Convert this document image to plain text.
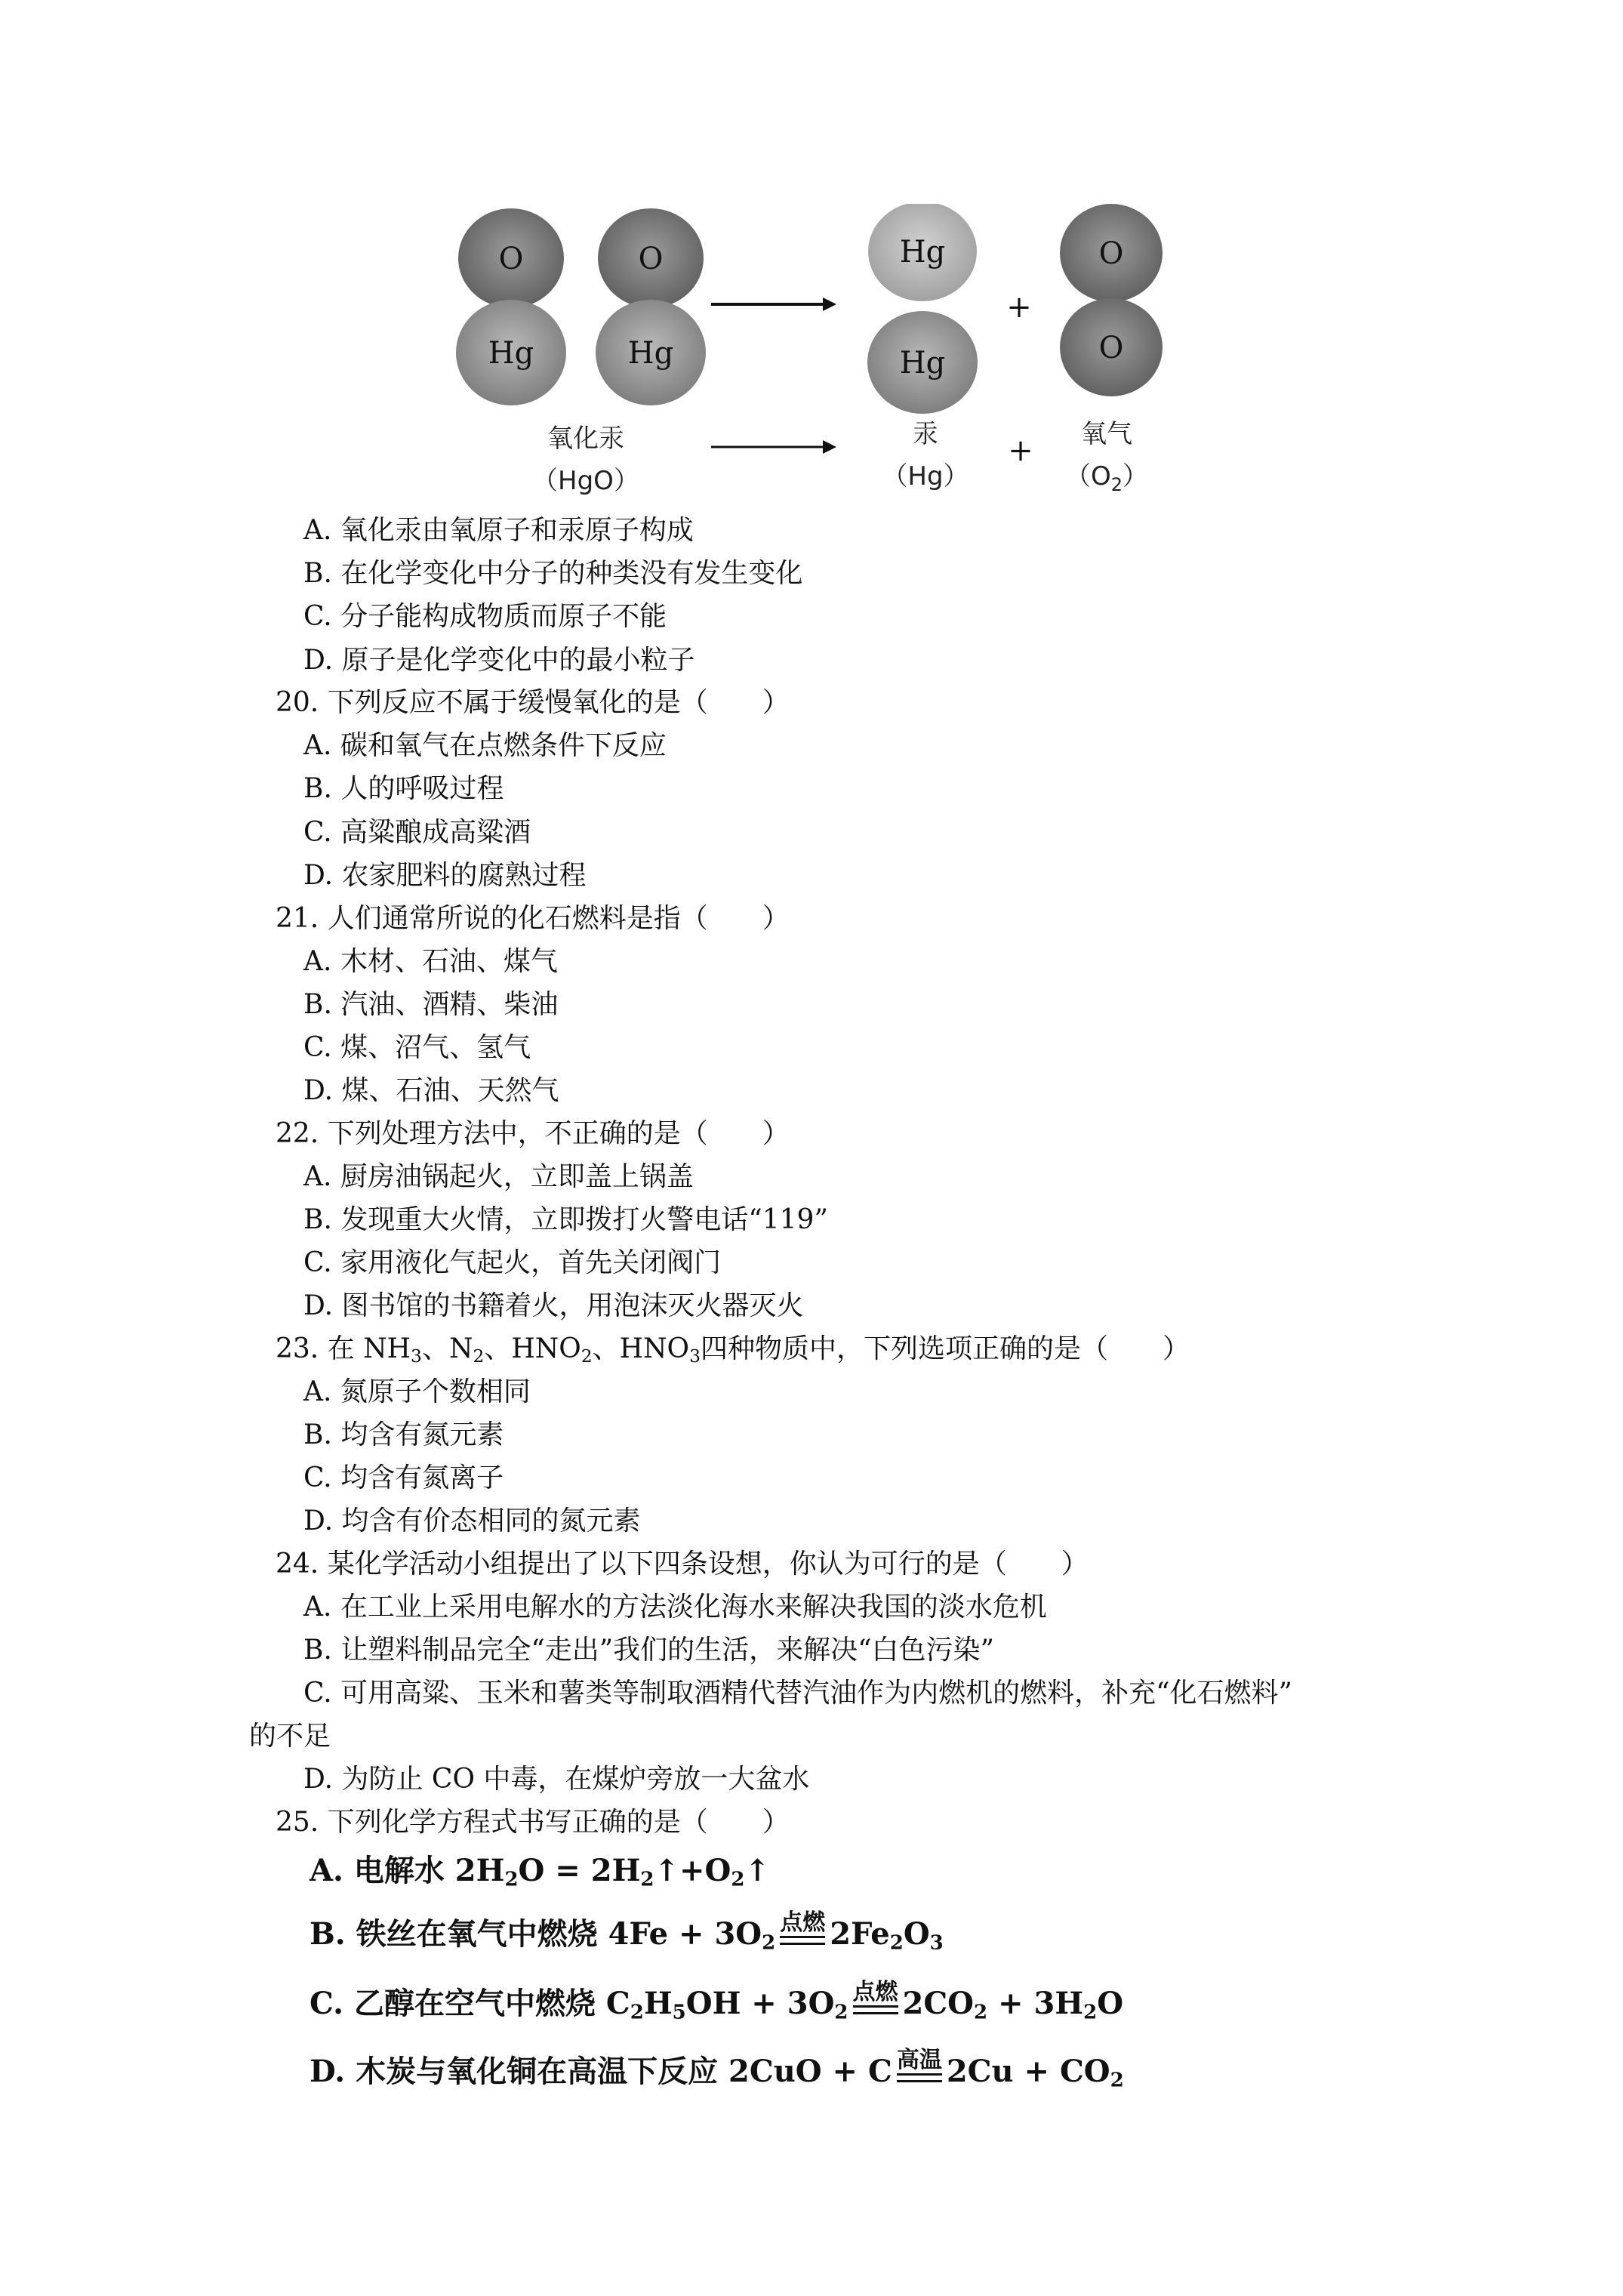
O
Hg
O
Hg
Hg
Hg
+
O
O
氧化汞
（HgO）
汞
（Hg）
+ 氧气
$(O_2)$
A. 氧化汞由氧原子和汞原子构成
B. 在化学变化中分子的种类没有发生变化
C. 分子能构成物质而原子不能
D. 原子是化学变化中的最小粒子
20. 下列反应不属于缓慢氧化的是（　　）
A. 碳和氧气在点燃条件下反应
B. 人的呼吸过程
C. 高粱酿成高粱酒
D. 农家肥料的腐熟过程
21. 人们通常所说的化石燃料是指（　　）
A. 木材、石油、煤气
B. 汽油、酒精、柴油
C. 煤、沼气、氢气
D. 煤、石油、天然气
22. 下列处理方法中，不正确的是（　　）
A. 厨房油锅起火，立即盖上锅盖
B. 发现重大火情，立即拨打火警电话“119”
C. 家用液化气起火，首先关闭阀门
D. 图书馆的书籍着火，用泡沫灭火器灭火
23. 在 $NH_3$、$N_2$、$HNO_2$、$HNO_3$四种物质中，下列选项正确的是（　　）
A. 氮原子个数相同
B. 均含有氮元素
C. 均含有氮离子
D. 均含有价态相同的氮元素
24. 某化学活动小组提出了以下四条设想，你认为可行的是（　　）
A. 在工业上采用电解水的方法淡化海水来解决我国的淡水危机
B. 让塑料制品完全“走出”我们的生活，来解决“白色污染”
C. 可用高粱、玉米和薯类等制取酒精代替汽油作为内燃机的燃料，补充“化石燃料”
的不足
D. 为防止 CO 中毒，在煤炉旁放一大盆水
25. 下列化学方程式书写正确的是（　　）
A. 电解水 $2H_2O$ = $2H_2↑+O_2↑$
B. 铁丝在氧气中燃烧 $4Fe + 3O_2$
点燃 $2Fe_2O_3$
C. 乙醇在空气中燃烧 $C_2H_5OH + 3O_2$
点燃 $2CO_2 + 3H_2O$
D. 木炭与氧化铜在高温下反应 2CuO + C 高温 $2Cu + CO_2$
